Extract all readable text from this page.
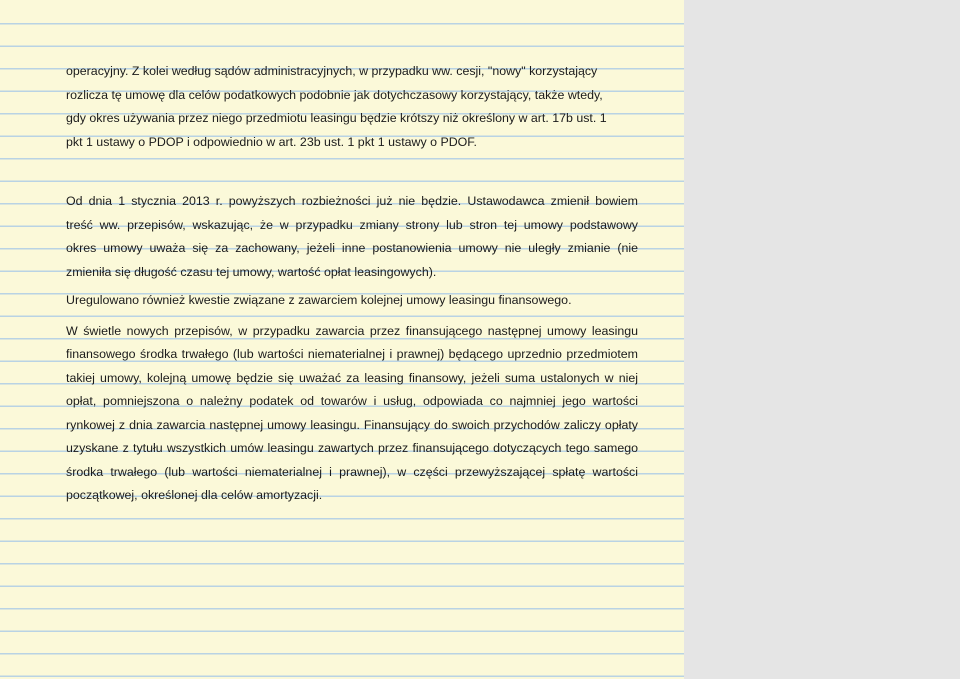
operacyjny. Z kolei według sądów administracyjnych, w przypadku ww. cesji, "nowy" korzystający
rozlicza tę umowę dla celów podatkowych podobnie jak dotychczasowy korzystający, także wtedy,
gdy okres używania przez niego przedmiotu leasingu będzie krótszy niż określony w art. 17b ust. 1
pkt 1 ustawy o PDOP i odpowiednio w art. 23b ust. 1 pkt 1 ustawy o PDOF.
Od dnia 1 stycznia 2013 r. powyższych rozbieżności już nie będzie. Ustawodawca zmienił bowiem
treść ww. przepisów, wskazując, że w przypadku zmiany strony lub stron tej umowy podstawowy
okres umowy uważa się za zachowany, jeżeli inne postanowienia umowy nie uległy zmianie (nie
zmieniła się długość czasu tej umowy, wartość opłat leasingowych).

Uregulowano również kwestie związane z zawarciem kolejnej umowy leasingu finansowego.

W świetle nowych przepisów, w przypadku zawarcia przez finansującego następnej umowy leasingu finansowego środka trwałego (lub wartości niematerialnej i prawnej) będącego uprzednio przedmiotem takiej umowy, kolejną umowę będzie się uważać za leasing finansowy, jeżeli suma ustalonych w niej opłat, pomniejszona o należny podatek od towarów i usług, odpowiada co najmniej jego wartości rynkowej z dnia zawarcia następnej umowy leasingu. Finansujący do swoich przychodów zaliczy opłaty uzyskane z tytułu wszystkich umów leasingu zawartych przez finansującego dotyczących tego samego środka trwałego (lub wartości niematerialnej i prawnej), w części przewyższającej spłatę wartości początkowej, określonej dla celów amortyzacji.
